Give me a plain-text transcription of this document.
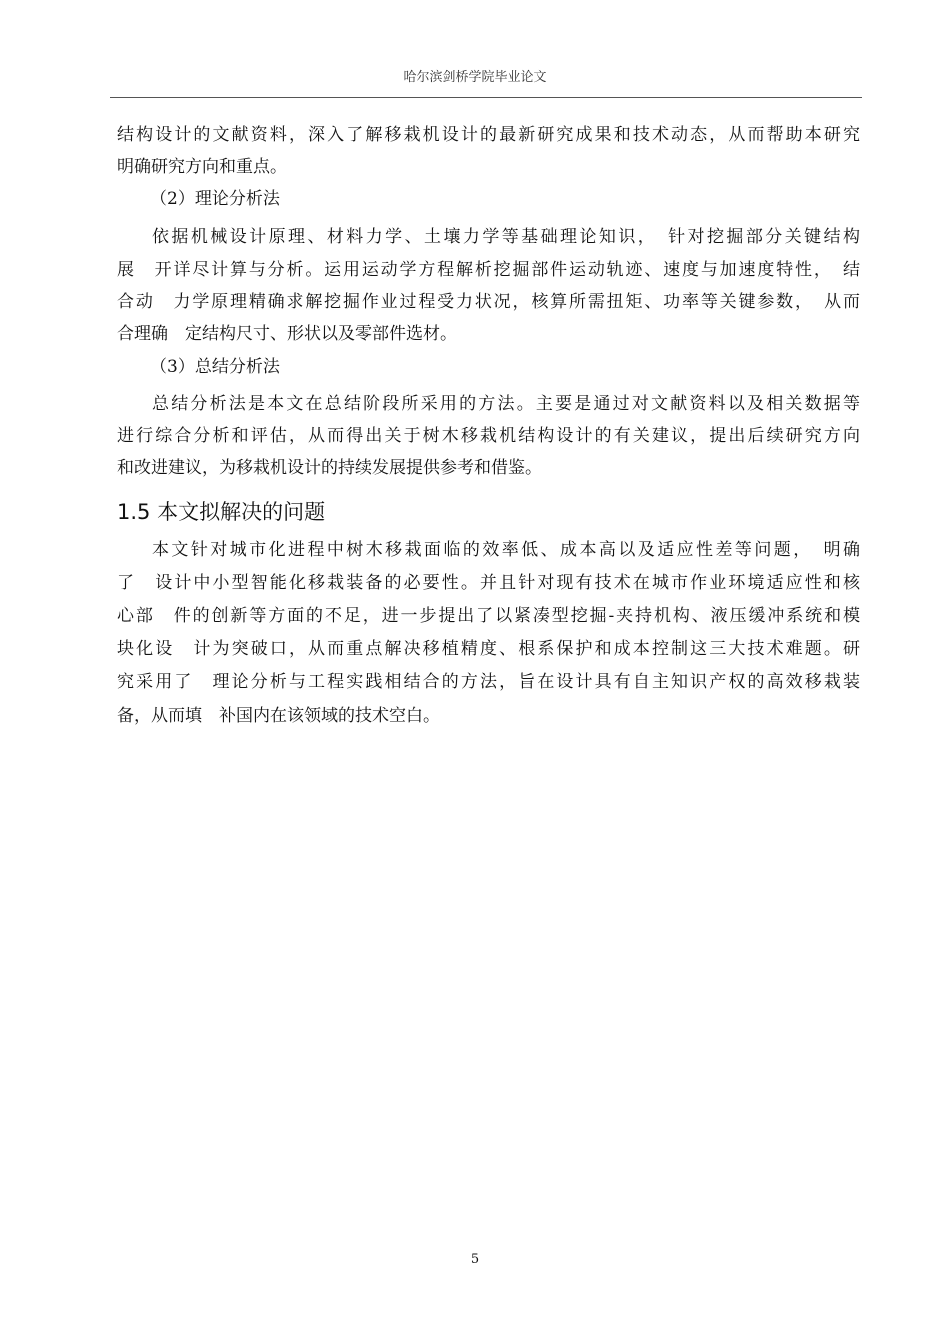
哈尔滨剑桥学院毕业论文
结构设计的文献资料，深入了解移栽机设计的最新研究成果和技术动态，从而帮助本研究
明确研究方向和重点。
（2）理论分析法
依据机械设计原理、材料力学、土壤力学等基础理论知识，　针对挖掘部分关键结构
展　开详尽计算与分析。运用运动学方程解析挖掘部件运动轨迹、速度与加速度特性，　结
合动　力学原理精确求解挖掘作业过程受力状况，核算所需扭矩、功率等关键参数，　从而
合理确　定结构尺寸、形状以及零部件选材。
（3）总结分析法
总结分析法是本文在总结阶段所采用的方法。主要是通过对文献资料以及相关数据等
进行综合分析和评估，从而得出关于树木移栽机结构设计的有关建议，提出后续研究方向
和改进建议，为移栽机设计的持续发展提供参考和借鉴。
1.5 本文拟解决的问题
本文针对城市化进程中树木移栽面临的效率低、成本高以及适应性差等问题，　明确
了　设计中小型智能化移栽装备的必要性。并且针对现有技术在城市作业环境适应性和核
心部　件的创新等方面的不足，进一步提出了以紧凑型挖掘-夹持机构、液压缓冲系统和模
块化设　计为突破口，从而重点解决移植精度、根系保护和成本控制这三大技术难题。研
究采用了　理论分析与工程实践相结合的方法，旨在设计具有自主知识产权的高效移栽装
备，从而填　补国内在该领域的技术空白。
5
